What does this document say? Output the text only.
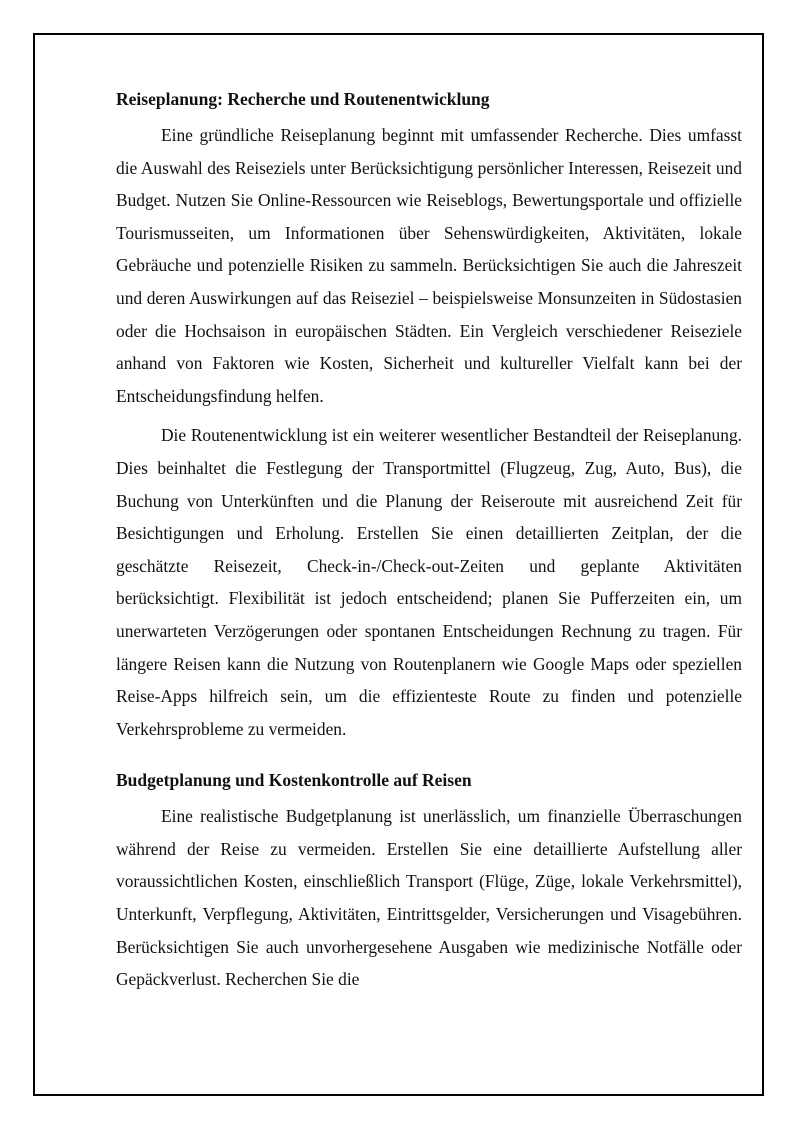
Reiseplanung: Recherche und Routenentwicklung

Eine gründliche Reiseplanung beginnt mit umfassender Recherche. Dies umfasst die Auswahl des Reiseziels unter Berücksichtigung persönlicher Interessen, Reisezeit und Budget. Nutzen Sie Online-Ressourcen wie Reiseblogs, Bewertungsportale und offizielle Tourismusseiten, um Informationen über Sehenswürdigkeiten, Aktivitäten, lokale Gebräuche und potenzielle Risiken zu sammeln. Berücksichtigen Sie auch die Jahreszeit und deren Auswirkungen auf das Reiseziel – beispielsweise Monsunzeiten in Südostasien oder die Hochsaison in europäischen Städten. Ein Vergleich verschiedener Reiseziele anhand von Faktoren wie Kosten, Sicherheit und kultureller Vielfalt kann bei der Entscheidungsfindung helfen.

Die Routenentwicklung ist ein weiterer wesentlicher Bestandteil der Reiseplanung. Dies beinhaltet die Festlegung der Transportmittel (Flugzeug, Zug, Auto, Bus), die Buchung von Unterkünften und die Planung der Reiseroute mit ausreichend Zeit für Besichtigungen und Erholung. Erstellen Sie einen detaillierten Zeitplan, der die geschätzte Reisezeit, Check-in-/Check-out-Zeiten und geplante Aktivitäten berücksichtigt. Flexibilität ist jedoch entscheidend; planen Sie Pufferzeiten ein, um unerwarteten Verzögerungen oder spontanen Entscheidungen Rechnung zu tragen. Für längere Reisen kann die Nutzung von Routenplanern wie Google Maps oder speziellen Reise-Apps hilfreich sein, um die effizienteste Route zu finden und potenzielle Verkehrsprobleme zu vermeiden.

Budgetplanung und Kostenkontrolle auf Reisen

Eine realistische Budgetplanung ist unerlässlich, um finanzielle Überraschungen während der Reise zu vermeiden. Erstellen Sie eine detaillierte Aufstellung aller voraussichtlichen Kosten, einschließlich Transport (Flüge, Züge, lokale Verkehrsmittel), Unterkunft, Verpflegung, Aktivitäten, Eintrittsgelder, Versicherungen und Visagebühren. Berücksichtigen Sie auch unvorhergesehene Ausgaben wie medizinische Notfälle oder Gepäckverlust. Recherchen Sie die
